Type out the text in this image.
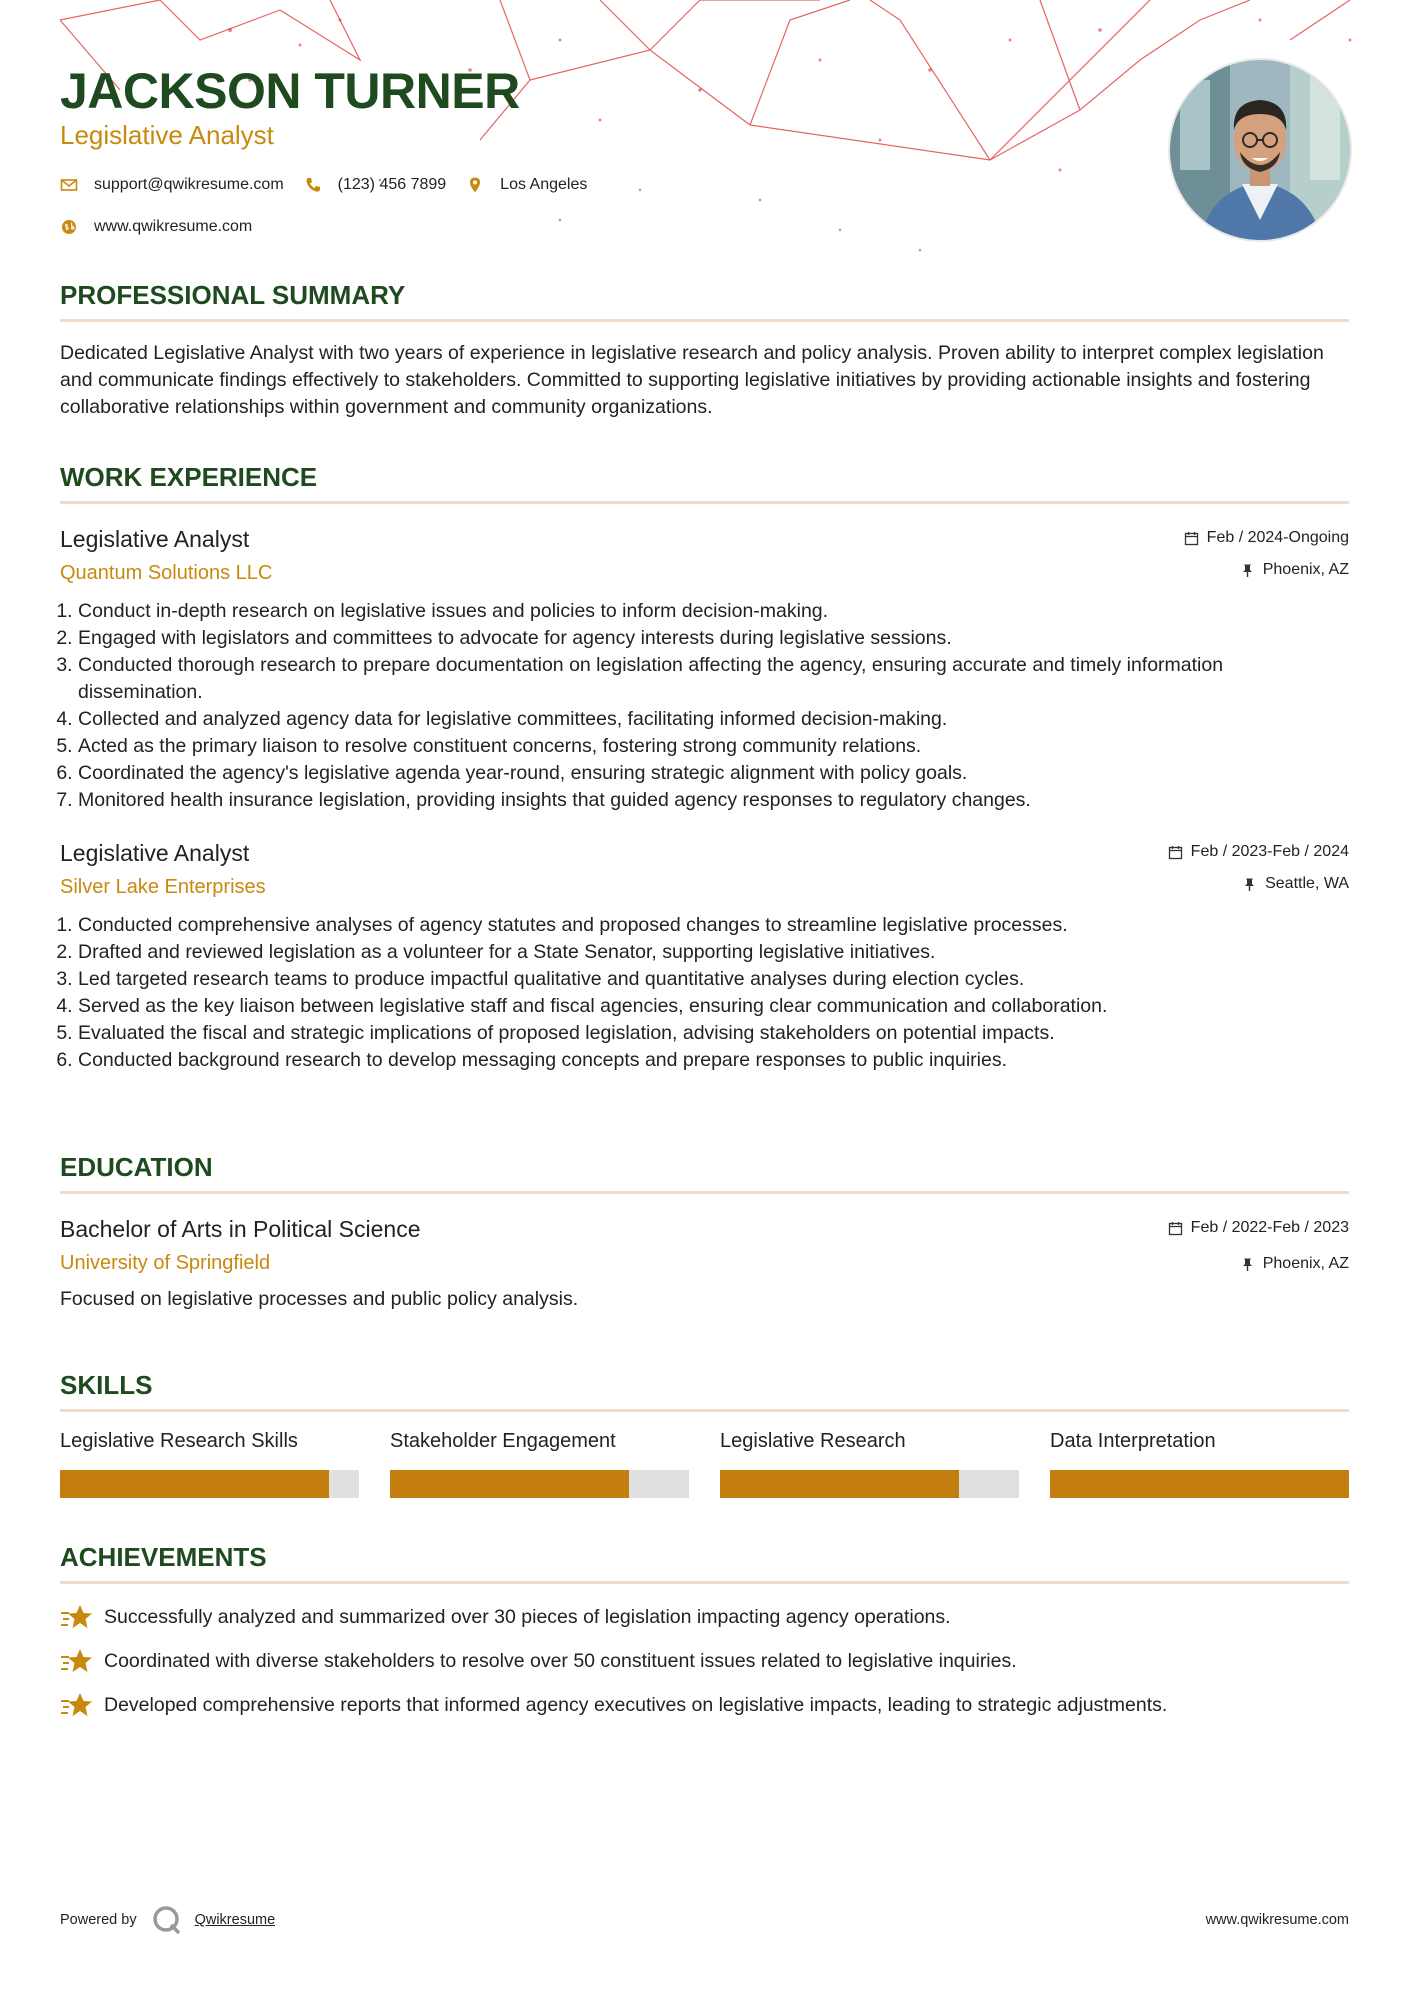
JACKSON TURNER
Legislative Analyst
support@qwikresume.com	(123) 456 7899	Los Angeles
www.qwikresume.com
PROFESSIONAL SUMMARY
Dedicated Legislative Analyst with two years of experience in legislative research and policy analysis. Proven ability to interpret complex legislation and communicate findings effectively to stakeholders. Committed to supporting legislative initiatives by providing actionable insights and fostering collaborative relationships within government and community organizations.
WORK EXPERIENCE
Legislative Analyst
Quantum Solutions LLC
Feb / 2024-Ongoing
Phoenix, AZ
1. Conduct in-depth research on legislative issues and policies to inform decision-making.
2. Engaged with legislators and committees to advocate for agency interests during legislative sessions.
3. Conducted thorough research to prepare documentation on legislation affecting the agency, ensuring accurate and timely information dissemination.
4. Collected and analyzed agency data for legislative committees, facilitating informed decision-making.
5. Acted as the primary liaison to resolve constituent concerns, fostering strong community relations.
6. Coordinated the agency's legislative agenda year-round, ensuring strategic alignment with policy goals.
7. Monitored health insurance legislation, providing insights that guided agency responses to regulatory changes.
Legislative Analyst
Silver Lake Enterprises
Feb / 2023-Feb / 2024
Seattle, WA
1. Conducted comprehensive analyses of agency statutes and proposed changes to streamline legislative processes.
2. Drafted and reviewed legislation as a volunteer for a State Senator, supporting legislative initiatives.
3. Led targeted research teams to produce impactful qualitative and quantitative analyses during election cycles.
4. Served as the key liaison between legislative staff and fiscal agencies, ensuring clear communication and collaboration.
5. Evaluated the fiscal and strategic implications of proposed legislation, advising stakeholders on potential impacts.
6. Conducted background research to develop messaging concepts and prepare responses to public inquiries.
EDUCATION
Bachelor of Arts in Political Science
University of Springfield
Feb / 2022-Feb / 2023
Phoenix, AZ
Focused on legislative processes and public policy analysis.
SKILLS
Legislative Research Skills	Stakeholder Engagement	Legislative Research	Data Interpretation
ACHIEVEMENTS
Successfully analyzed and summarized over 30 pieces of legislation impacting agency operations.
Coordinated with diverse stakeholders to resolve over 50 constituent issues related to legislative inquiries.
Developed comprehensive reports that informed agency executives on legislative impacts, leading to strategic adjustments.
Powered by	Qwikresume	www.qwikresume.com
